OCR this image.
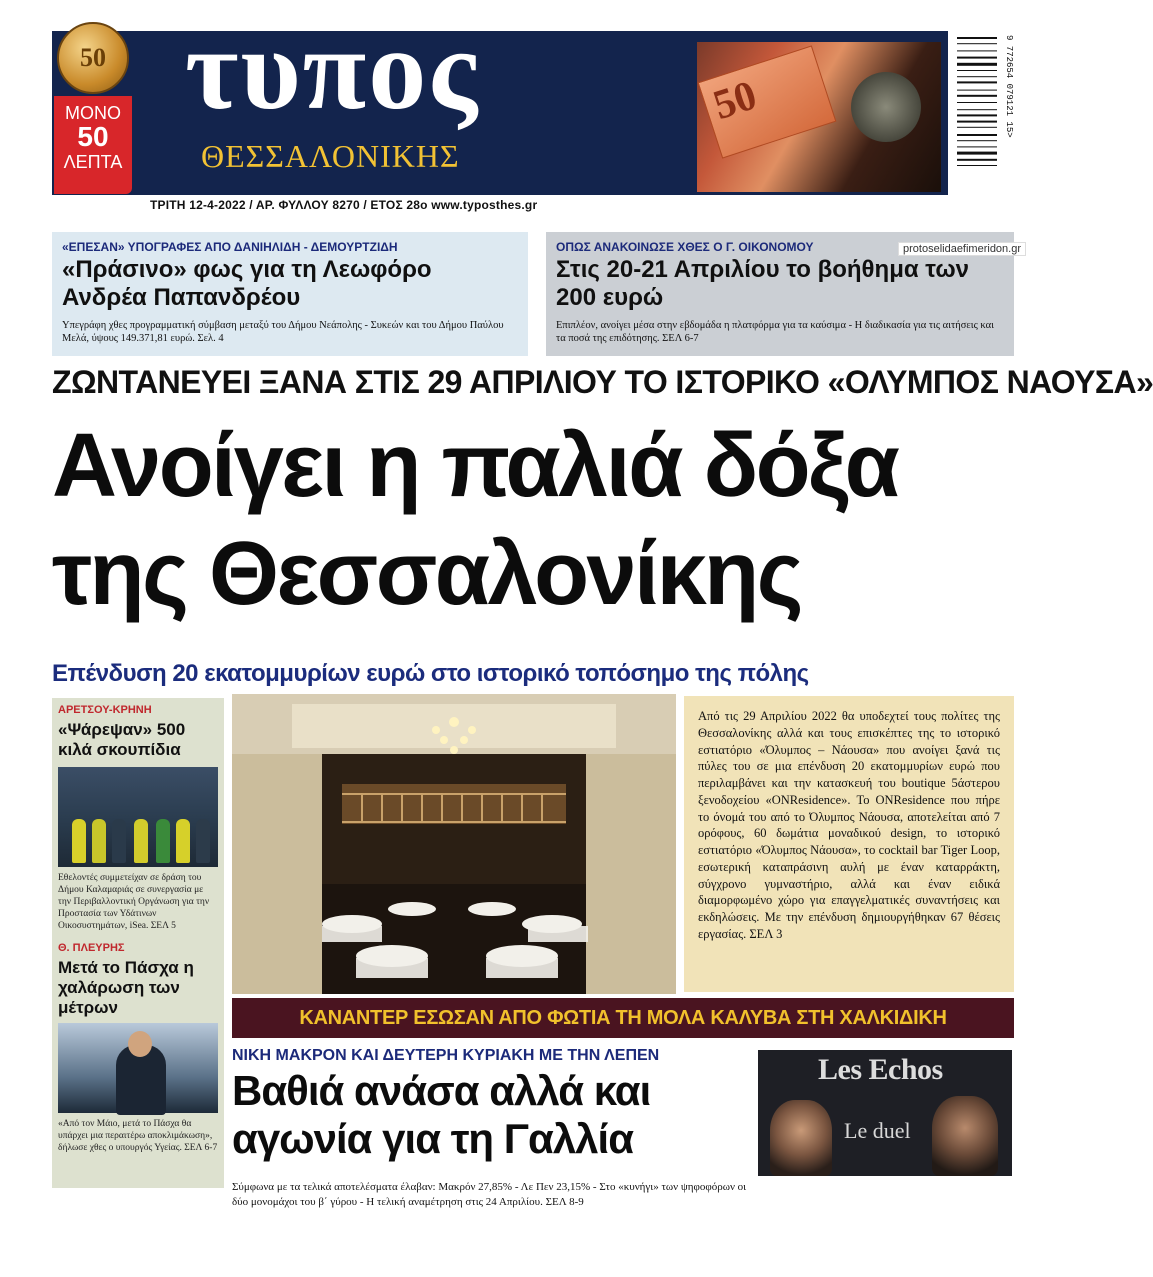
50
ΜΟΝΟ
50
ΛΕΠΤΑ
τυπος
ΘΕΣΣΑΛΟΝΙΚΗΣ
50	9 772654 079121 15>
ΤΡΙΤΗ 12-4-2022 / ΑΡ. ΦΥΛΛΟΥ 8270 / ΕΤΟΣ 28ο www.typosthes.gr
«ΕΠΕΣΑΝ» ΥΠΟΓΡΑΦΕΣ ΑΠΟ ΔΑΝΙΗΛΙΔΗ - ΔΕΜΟΥΡΤΖΙΔΗ
«Πράσινο» φως για τη Λεωφόρο Ανδρέα Παπανδρέου
Υπεγράφη χθες προγραμματική σύμβαση μεταξύ του Δήμου Νεάπολης - Συκεών και του Δήμου Παύλου Μελά, ύψους 149.371,81 ευρώ. Σελ. 4
ΟΠΩΣ ΑΝΑΚΟΙΝΩΣΕ ΧΘΕΣ Ο Γ. ΟΙΚΟΝΟΜΟΥ
Στις 20-21 Απριλίου το βοήθημα των 200 ευρώ
Επιπλέον, ανοίγει μέσα στην εβδομάδα η πλατφόρμα για τα καύσιμα - Η διαδικασία για τις αιτήσεις και τα ποσά της επιδότησης. ΣΕΛ 6-7
protoselidaefimeridon.gr
ΖΩΝΤΑΝΕΥΕΙ ΞΑΝΑ ΣΤΙΣ 29 ΑΠΡΙΛΙΟΥ ΤΟ ΙΣΤΟΡΙΚΟ «ΟΛΥΜΠΟΣ ΝΑΟΥΣΑ»
Ανοίγει η παλιά δόξα της Θεσσαλονίκης
Επένδυση 20 εκατομμυρίων ευρώ στο ιστορικό τοπόσημο της πόλης
ΑΡΕΤΣΟΥ-ΚΡΗΝΗ
«Ψάρεψαν» 500 κιλά σκουπίδια
Εθελοντές συμμετείχαν σε δράση του Δήμου Καλαμαριάς σε συνεργασία με την Περιβαλλοντική Οργάνωση για την Προστασία των Υδάτινων Οικοσυστημάτων, iSea. ΣΕΛ 5
Θ. ΠΛΕΥΡΗΣ
Μετά το Πάσχα η χαλάρωση των μέτρων
«Από τον Μάιο, μετά το Πάσχα θα υπάρχει μια περαιτέρω αποκλιμάκωση», δήλωσε χθες ο υπουργός Υγείας. ΣΕΛ 6-7
Από τις 29 Απριλίου 2022 θα υποδεχτεί τους πολίτες της Θεσσαλονίκης αλλά και τους επισκέπτες της το ιστορικό εστιατόριο «Όλυμπος – Νάουσα» που ανοίγει ξανά τις πύλες του σε μια επένδυση 20 εκατομμυρίων ευρώ που περιλαμβάνει και την κατασκευή του boutique 5άστερου ξενοδοχείου «ONResidence». Το ONResidence που πήρε το όνομά του από το Όλυμπος Νάουσα, αποτελείται από 7 ορόφους, 60 δωμάτια μοναδικού design, το ιστορικό εστιατόριο «Όλυμπος Νάουσα», το cocktail bar Tiger Loop, εσωτερική καταπράσινη αυλή με έναν καταρράκτη, σύγχρονο γυμναστήριο, αλλά και έναν ειδικά διαμορφωμένο χώρο για επαγγελματικές συναντήσεις και εκδηλώσεις. Με την επένδυση δημιουργήθηκαν 67 θέσεις εργασίας. ΣΕΛ 3
ΚΑΝΑΝΤΕΡ ΕΣΩΣΑΝ ΑΠΟ ΦΩΤΙΑ ΤΗ ΜΟΛΑ ΚΑΛΥΒΑ ΣΤΗ ΧΑΛΚΙΔΙΚΗ
ΝΙΚΗ ΜΑΚΡΟΝ ΚΑΙ ΔΕΥΤΕΡΗ ΚΥΡΙΑΚΗ ΜΕ ΤΗΝ ΛΕΠΕΝ
Βαθιά ανάσα αλλά και αγωνία για τη Γαλλία
Σύμφωνα με τα τελικά αποτελέσματα έλαβαν: Μακρόν 27,85% - Λε Πεν 23,15% - Στο «κυνήγι» των ψηφοφόρων οι δύο μονομάχοι του β΄ γύρου - Η τελική αναμέτρηση στις 24 Απριλίου. ΣΕΛ 8-9
Les Echos
Le duel
